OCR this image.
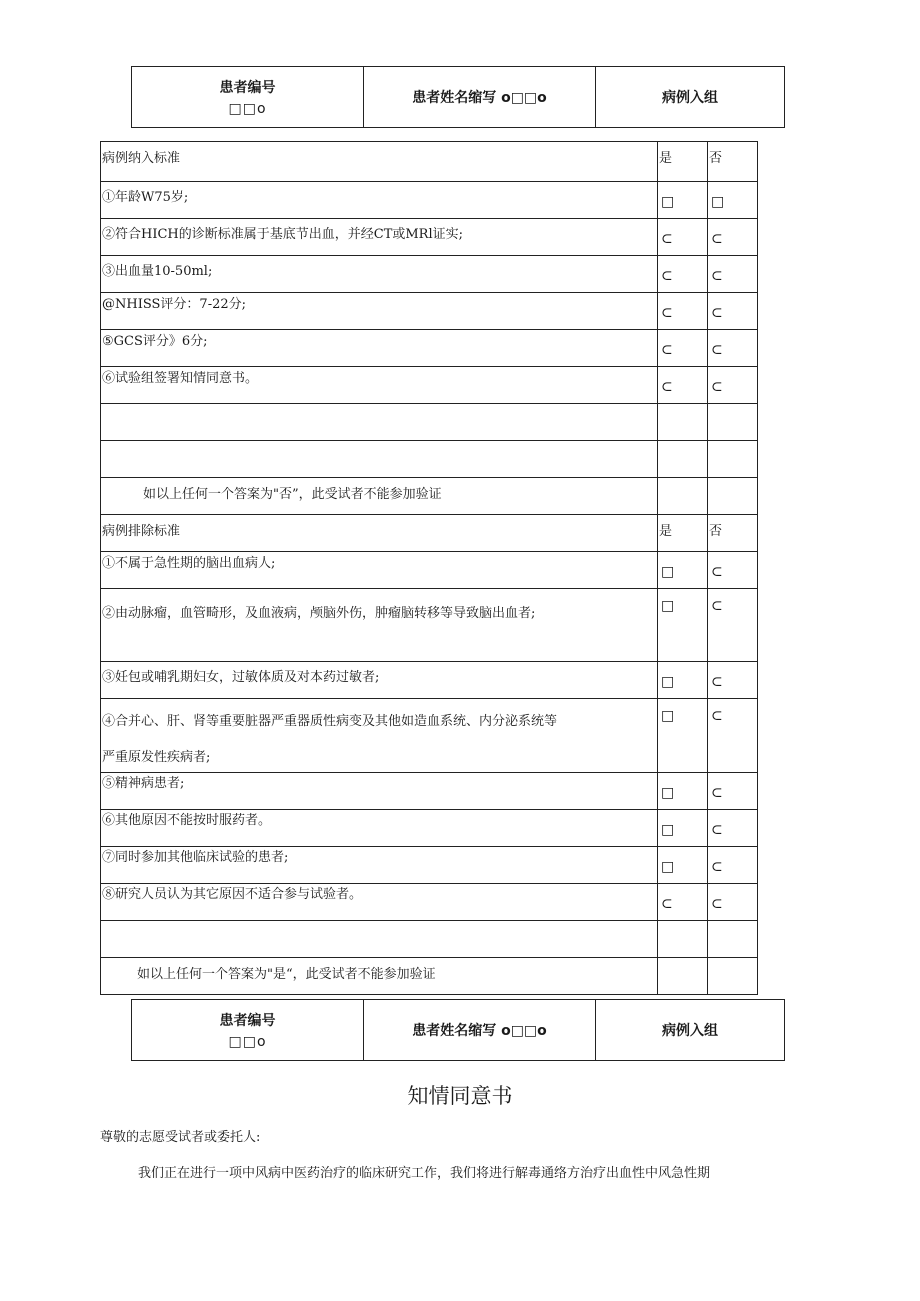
患者编号
□□o
患者姓名缩写 o□□o	病例入组
病例纳入标准	是	否
①年龄W75岁;	□	□
②符合HICH的诊断标准属于基底节出血，并经CT或MRl证实;	⊂	⊂
③出血量10-50ml;	⊂	⊂
@NHISS评分：7-22分;	⊂	⊂
⑤GCS评分》6分;	⊂	⊂
⑥试验组签署知情同意书。	⊂	⊂

如以上任何一个答案为"否”，此受试者不能参加验证		
病例排除标准	是	否
①不属于急性期的脑出血病人;	□	⊂
②由动脉瘤，血管畸形，及血液病，颅脑外伤，肿瘤脑转移等导致脑出血者;	□	⊂
③妊包或哺乳期妇女，过敏体质及对本药过敏者;	□	⊂

④合并心、肝、肾等重要脏器严重器质性病变及其他如造血系统、内分泌系统等
严重原发性疾病者;	□	⊂
⑤精神病患者;	□	⊂
⑥其他原因不能按时服药者。	□	⊂
⑦同时参加其他临床试验的患者;	□	⊂
⑧研究人员认为其它原因不适合参与试验者。	⊂	⊂

如以上任何一个答案为"是“，此受试者不能参加验证		
患者编号
□□o
患者姓名缩写 o□□o	病例入组
知情同意书
尊敬的志愿受试者或委托人:
我们正在进行一项中风病中医药治疗的临床研究工作，我们将进行解毒通络方治疗出血性中风急性期
